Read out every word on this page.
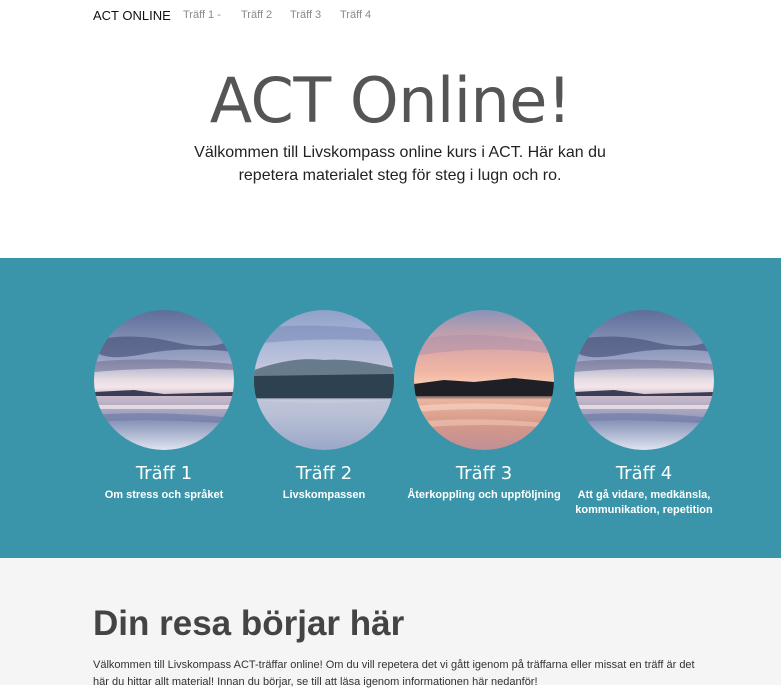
ACT ONLINE Träff 1 - Träff 2 Träff 3 Träff 4
ACT Online!

Välkommen till Livskompass online kurs i ACT. Här kan du repetera materialet steg för steg i lugn och ro.

Träff 1
Om stress och språket
Träff 2
Livskompassen
Träff 3
Återkoppling och uppföljning
Träff 4
Att gå vidare, medkänsla, kommunikation, repetition
Din resa börjar här

Välkommen till Livskompass ACT-träffar online! Om du vill repetera det vi gått igenom på träffarna eller missat en träff är det här du hittar allt material! Innan du börjar, se till att läsa igenom informationen här nedanför!
